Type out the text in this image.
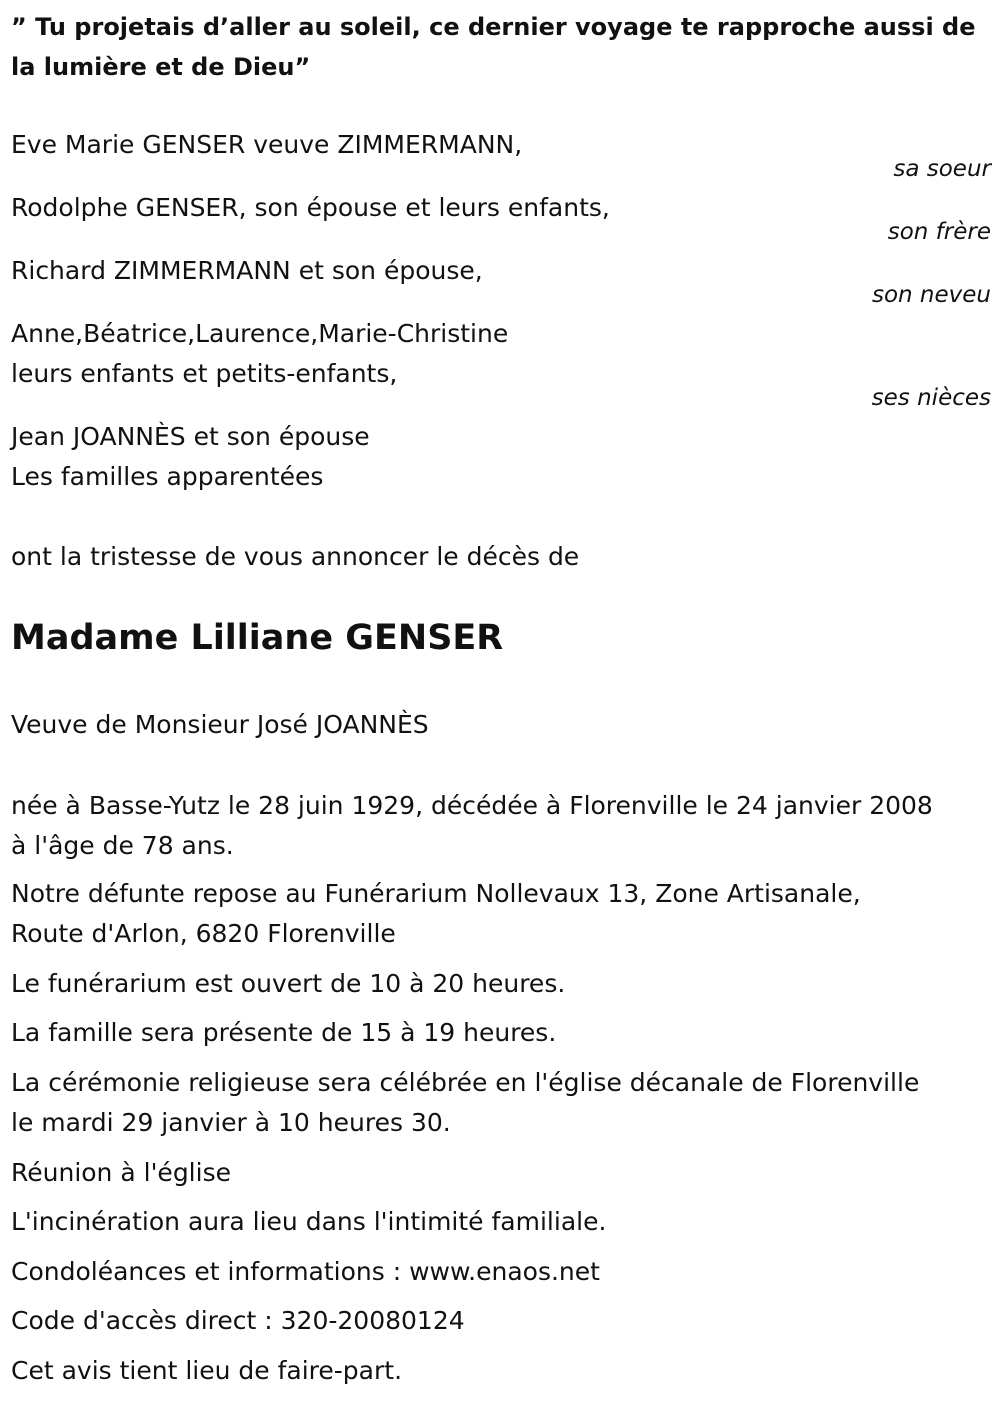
” Tu projetais d’aller au soleil, ce dernier voyage te rapproche aussi de la lumière et de Dieu”
Eve Marie GENSER veuve ZIMMERMANN,
sa soeur
Rodolphe GENSER, son épouse et leurs enfants,
son frère
Richard ZIMMERMANN et son épouse,
son neveu
Anne,Béatrice,Laurence,Marie-Christine
leurs enfants et petits-enfants,
ses nièces
Jean JOANNÈS et son épouse
Les familles apparentées
ont la tristesse de vous annoncer le décès de
Madame Lilliane GENSER
Veuve de Monsieur José JOANNÈS
née à Basse-Yutz le 28 juin 1929, décédée à Florenville le 24 janvier 2008
à l'âge de 78 ans.
Notre défunte repose au Funérarium Nollevaux 13, Zone Artisanale,
Route d'Arlon, 6820 Florenville
Le funérarium est ouvert de 10 à 20 heures.
La famille sera présente de 15 à 19 heures.
La cérémonie religieuse sera célébrée en l'église décanale de Florenville
le mardi 29 janvier à 10 heures 30.
Réunion à l'église
L'incinération aura lieu dans l'intimité familiale.
Condoléances et informations : www.enaos.net
Code d'accès direct : 320-20080124
Cet avis tient lieu de faire-part.
